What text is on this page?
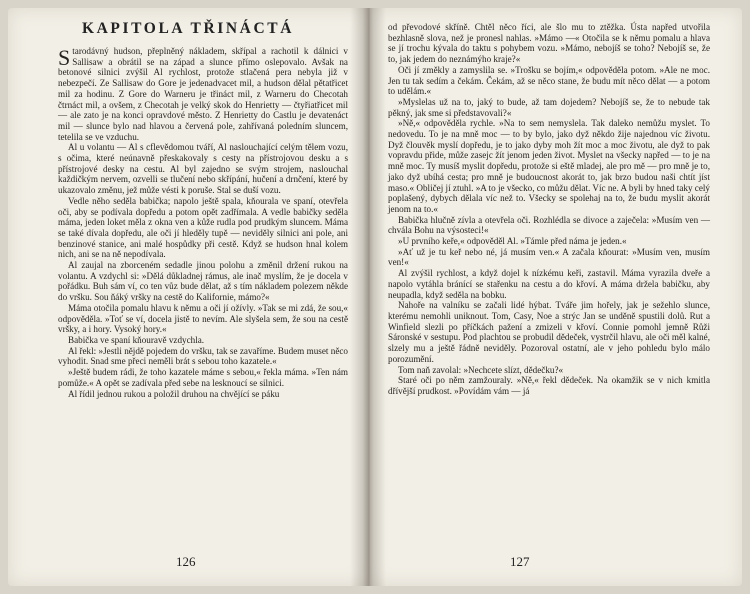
KAPITOLA TŘINÁCTÁ

Starodávný hudson, přeplněný nákladem, skřípal a rachotil k dálnici v Sallisaw a obrátil se na západ a slunce přímo oslepovalo. Avšak na betonové silnici zvýšil Al rychlost, protože stlačená pera nebyla již v nebezpečí. Ze Sallisaw do Gore je jedenadvacet mil, a hudson dělal pětatřicet mil za hodinu. Z Gore do Warneru je třináct mil, z Warneru do Checotah čtrnáct mil, a ovšem, z Checotah je velký skok do Henrietty — čtyřiatřicet mil — ale zato je na konci opravdové město. Z Henrietty do Castlu je devatenáct mil — slunce bylo nad hlavou a červená pole, zahřívaná poledním sluncem, tetelila se ve vzduchu.

Al u volantu — Al s cflevědomou tváří, Al naslouchající celým tělem vozu, s očima, které neúnavně přeskakovaly s cesty na přístrojovou desku a s přístrojové desky na cestu. Al byl zajedno se svým strojem, naslouchal každičkým nervem, ozvelli se tlučení nebo skřípání, hučení a drnčení, které by ukazovalo změnu, jež může vésti k poruše. Stal se duší vozu.

Vedle něho seděla babička; napolo ještě spala, kňourala ve spaní, otevřela oči, aby se podívala dopředu a potom opět zadřímala. A vedle babičky seděla máma, jeden loket měla z okna ven a kůže rudla pod prudkým sluncem. Máma se také dívala dopředu, ale oči jí hleděly tupě — neviděly silnici ani pole, ani benzinové stanice, ani malé hospůdky při cestě. Když se hudson hnal kolem nich, ani se na ně nepodívala.

Al zaujal na zborceném sedadle jinou polohu a změnil držení rukou na volantu. A vzdychl si: »Dělá důkladnej rámus, ale inač myslím, že je docela v pořádku. Buh sám ví, co ten vůz bude dělat, až s tím nákladem polezem někde do vršku. Sou ňáký vršky na cestě do Kalifornie, mámo?«

Máma otočila pomalu hlavu k němu a oči jí ožívly. »Tak se mi zdá, že sou,« odpověděla. »Toť se ví, docela jistě to nevím. Ale slyšela sem, že sou na cestě vršky, a i hory. Vysoký hory.«

Babička ve spaní kňouravě vzdychla.

Al řekl: »Jestli nějdě pojedem do vršku, tak se zavaříme. Budem muset něco vyhodit. Snad sme přeci neměli brát s sebou toho kazatele.«

»Ještě budem rádi, že toho kazatele máme s sebou,« řekla máma. »Ten nám pomůže.« A opět se zadívala před sebe na lesknoucí se silnici.

Al řídil jednou rukou a položil druhou na chvějící se páku

126

od převodové skříně. Chtěl něco říci, ale šlo mu to ztěžka. Ústa napřed utvořila bezhlasně slova, než je pronesl nahlas. »Mámo —« Otočila se k němu pomalu a hlava se jí trochu kývala do taktu s pohybem vozu. »Mámo, nebojíš se toho? Nebojíš se, že to, jak jedem do neznámýho kraje?«

Oči jí změkly a zamyslila se. »Trošku se bojím,« odpověděla potom. »Ale ne moc. Jen tu tak sedím a čekám. Čekám, až se něco stane, že budu mít něco dělat — a potom to udělám.«

»Myslelas už na to, jaký to bude, až tam dojedem? Nebojíš se, že to nebude tak pěkný, jak sme si představovali?«

»Ně,« odpověděla rychle. »Na to sem nemyslela. Tak daleko nemůžu myslet. To nedovedu. To je na mně moc — to by bylo, jako dyž někdo žije najednou víc životu. Dyž člouvěk myslí dopředu, je to jako dyby moh žít moc a moc životu, ale dyž to pak vopravdu přide, může zasejc žít jenom jeden život. Myslet na všecky napřed — to je na mně moc. Ty musíš myslit dopředu, protože si eště mladej, ale pro mě — pro mně je to, jako dyž ubíhá cesta; pro mně je budoucnost akorát to, jak brzo budou naši chtít jíst maso.« Obličej jí ztuhl. »A to je všecko, co můžu dělat. Víc ne. A byli by hned taky celý poplašený, dybych dělala víc než to. Všecky se spolehaj na to, že budu myslit akorát jenom na to.«

Babička hlučně zívla a otevřela oči. Rozhlédla se divoce a zaječela: »Musím ven — chvála Bohu na výsosteci!«

»U prvního keře,« odpověděl Al. »Támle před náma je jeden.«

»Ať už je tu keř nebo né, já musím ven.« A začala kňourat: »Musím ven, musím ven!«

Al zvýšil rychlost, a když dojel k nízkému keři, zastavil. Máma vyrazila dveře a napolo vytáhla bránící se stařenku na cestu a do křoví. A máma držela babičku, aby neupadla, když seděla na bobku.

Nahoře na valníku se začali lidé hýbat. Tváře jim hořely, jak je sežehlo slunce, kterému nemohli uniknout. Tom, Casy, Noe a strýc Jan se unděně spustili dolů. Rut a Winfield slezli po příčkách pažení a zmizeli v křoví. Connie pomohl jemně Růži Sáronské v sestupu. Pod plachtou se probudil dědeček, vystrčil hlavu, ale oči měl kalné, slzely mu a ještě řádně neviděly. Pozoroval ostatní, ale v jeho pohledu bylo málo porozumění.

Tom naň zavolal: »Nechcete slízt, dědečku?«

Staré oči po něm zamžouraly. »Ně,« řekl dědeček. Na okamžik se v nich kmitla dřívější prudkost. »Povídám vám — já

127
